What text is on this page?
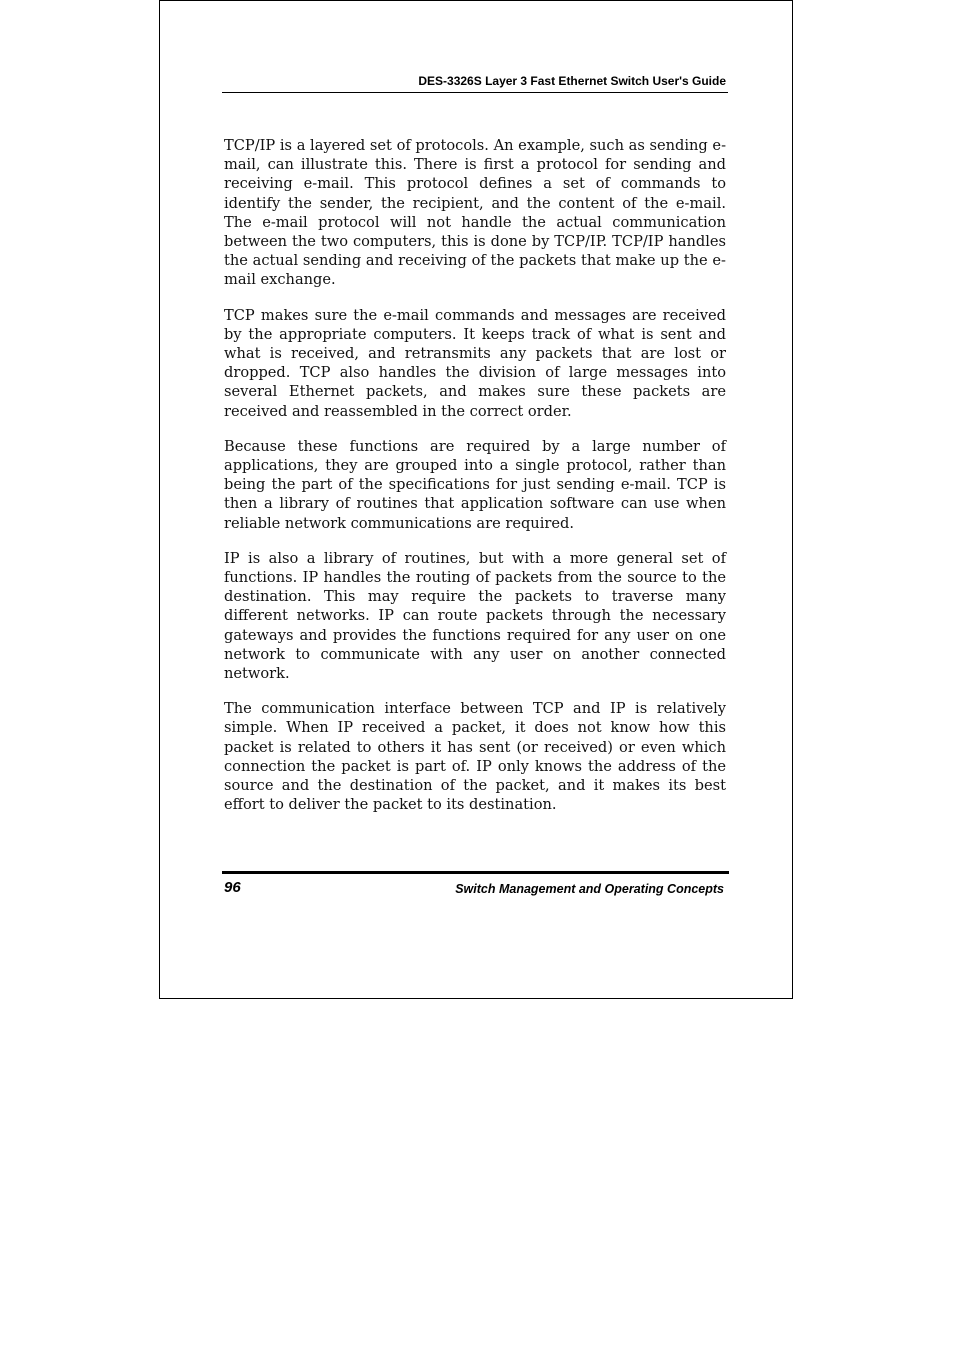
DES-3326S Layer 3 Fast Ethernet Switch User's Guide

TCP/IP is a layered set of protocols. An example, such as sending e-mail, can illustrate this. There is first a protocol for sending and receiving e-mail. This protocol defines a set of commands to identify the sender, the recipient, and the content of the e-mail. The e-mail protocol will not handle the actual communication between the two computers, this is done by TCP/IP. TCP/IP handles the actual sending and receiving of the packets that make up the e-mail exchange.

TCP makes sure the e-mail commands and messages are received by the appropriate computers. It keeps track of what is sent and what is received, and retransmits any packets that are lost or dropped. TCP also handles the division of large messages into several Ethernet packets, and makes sure these packets are received and reassembled in the correct order.

Because these functions are required by a large number of applications, they are grouped into a single protocol, rather than being the part of the specifications for just sending e-mail. TCP is then a library of routines that application software can use when reliable network communications are required.

IP is also a library of routines, but with a more general set of functions. IP handles the routing of packets from the source to the destination. This may require the packets to traverse many different networks. IP can route packets through the necessary gateways and provides the functions required for any user on one network to communicate with any user on another connected network.

The communication interface between TCP and IP is relatively simple. When IP received a packet, it does not know how this packet is related to others it has sent (or received) or even which connection the packet is part of. IP only knows the address of the source and the destination of the packet, and it makes its best effort to deliver the packet to its destination.

96	Switch Management and Operating Concepts
